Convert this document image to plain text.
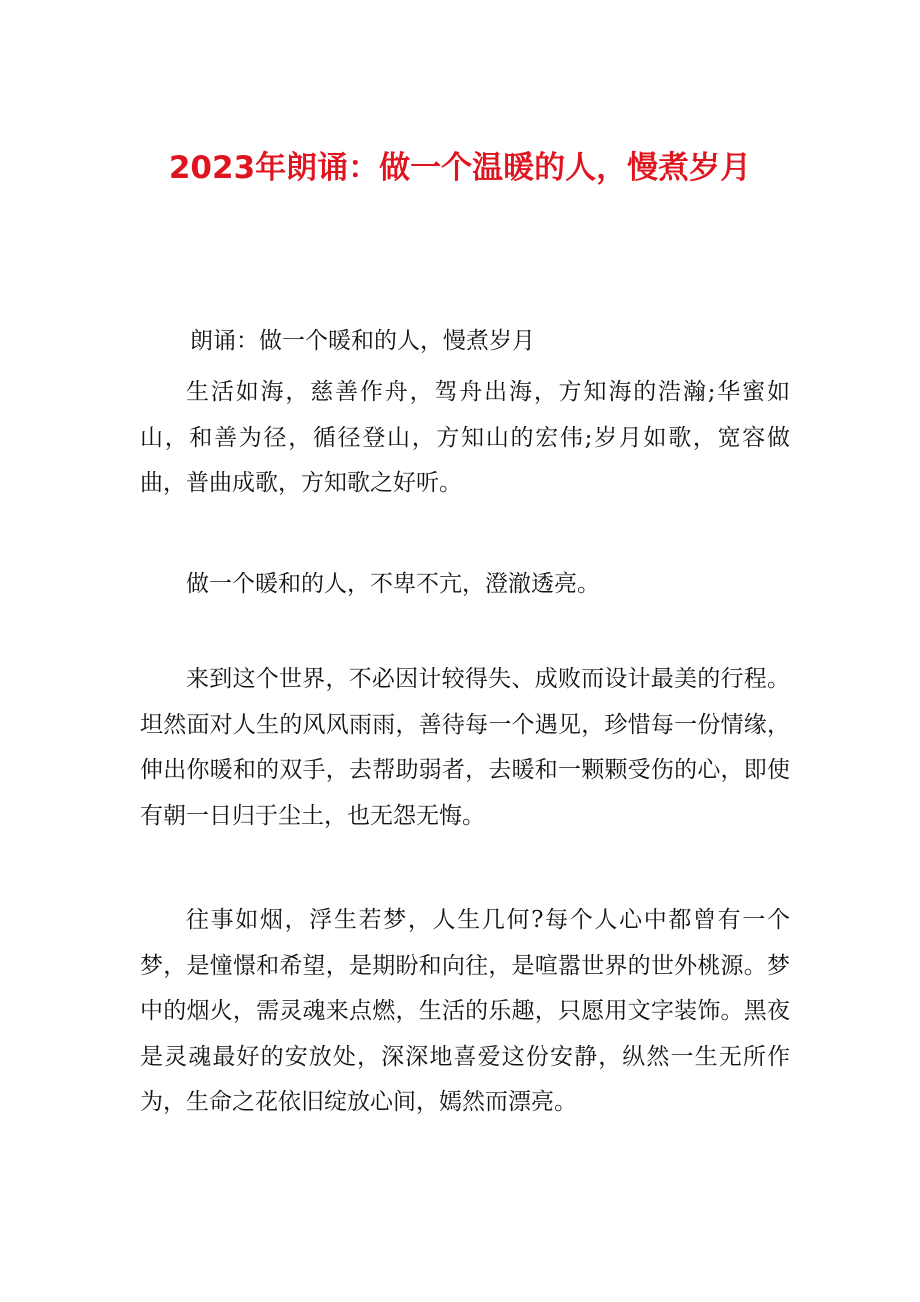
2023年朗诵：做一个温暖的人，慢煮岁月

朗诵：做一个暖和的人，慢煮岁月

生活如海，慈善作舟，驾舟出海，方知海的浩瀚;华蜜如山，和善为径，循径登山，方知山的宏伟;岁月如歌，宽容做曲，普曲成歌，方知歌之好听。

做一个暖和的人，不卑不亢，澄澈透亮。

来到这个世界，不必因计较得失、成败而设计最美的行程。坦然面对人生的风风雨雨，善待每一个遇见，珍惜每一份情缘，伸出你暖和的双手，去帮助弱者，去暖和一颗颗受伤的心，即使有朝一日归于尘土，也无怨无悔。

往事如烟，浮生若梦，人生几何?每个人心中都曾有一个梦，是憧憬和希望，是期盼和向往，是喧嚣世界的世外桃源。梦中的烟火，需灵魂来点燃，生活的乐趣，只愿用文字装饰。黑夜是灵魂最好的安放处，深深地喜爱这份安静，纵然一生无所作为，生命之花依旧绽放心间，嫣然而漂亮。
